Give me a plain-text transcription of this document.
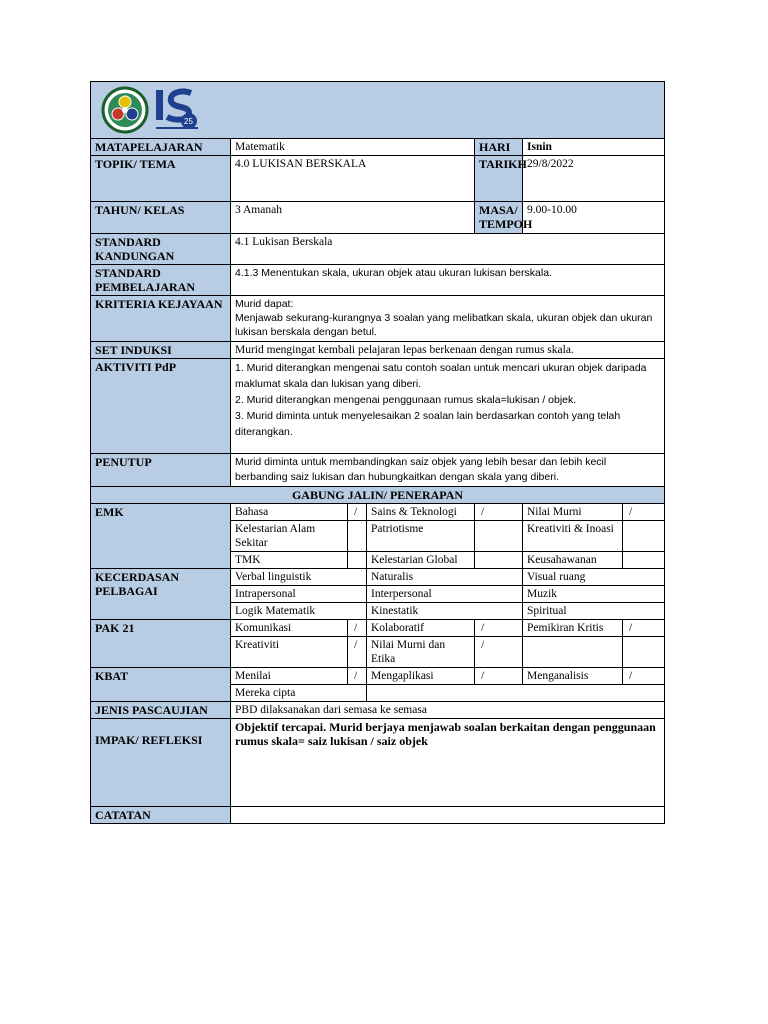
25						

MATAPELAJARAN	Matematik			HARI	Isnin	
TOPIK/ TEMA	4.0 LUKISAN BERSKALA			TARIKH	29/8/2022	
TAHUN/ KELAS	3 Amanah			MASA/ TEMPOH	9.00-10.00	
STANDARD KANDUNGAN	4.1 Lukisan Berskala					
STANDARD PEMBELAJARAN	4.1.3 Menentukan skala, ukuran objek atau ukuran lukisan berskala.					
KRITERIA KEJAYAAN	Murid dapat:
Menjawab sekurang-kurangnya 3 soalan yang melibatkan skala, ukuran objek dan ukuran lukisan berskala dengan betul.					

SET INDUKSI	Murid mengingat kembali pelajaran lepas berkenaan dengan rumus skala.					
AKTIVITI PdP	1. Murid diterangkan mengenai satu contoh soalan untuk mencari ukuran objek daripada maklumat skala dan lukisan yang diberi.
2. Murid diterangkan mengenai penggunaan rumus skala=lukisan / objek.
3. Murid diminta untuk menyelesaikan 2 soalan lain berdasarkan contoh yang telah diterangkan.					

PENUTUP	Murid diminta untuk membandingkan saiz objek yang lebih besar dan lebih kecil berbanding saiz lukisan dan hubungkaitkan dengan skala yang diberi.					
GABUNG JALIN/ PENERAPAN						
EMK	Bahasa	/	Sains & Teknologi	/	Nilai Murni	/
	Kelestarian Alam Sekitar		Patriotisme		Kreativiti & Inoasi	
	TMK		Kelestarian Global		Keusahawanan	
KECERDASAN PELBAGAI	Verbal linguistik		Naturalis		Visual ruang	
	Intrapersonal		Interpersonal		Muzik	
	Logik Matematik		Kinestatik		Spiritual	
PAK 21	Komunikasi	/	Kolaboratif	/	Pemikiran Kritis	/
	Kreativiti	/	Nilai Murni dan Etika	/		
KBAT	Menilai	/	Mengaplikasi	/	Menganalisis	/
	Mereka cipta					
JENIS PASCAUJIAN	PBD dilaksanakan dari semasa ke semasa					
IMPAK/ REFLEKSI	Objektif tercapai. Murid berjaya menjawab soalan berkaitan dengan penggunaan rumus skala= saiz lukisan / saiz objek					
CATATAN						
